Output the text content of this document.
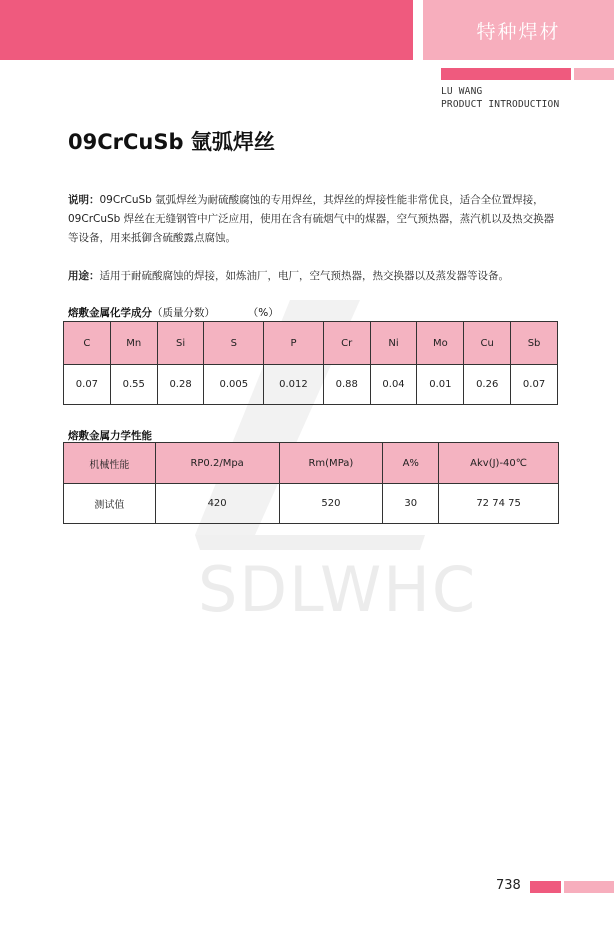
特种焊材
LU WANG
PRODUCT INTRODUCTION
09CrCuSb 氩弧焊丝
说明：09CrCuSb 氩弧焊丝为耐硫酸腐蚀的专用焊丝，其焊丝的焊接性能非常优良，适合全位置焊接，09CrCuSb 焊丝在无缝钢管中广泛应用，使用在含有硫烟气中的煤器，空气预热器，蒸汽机以及热交换器等设备，用来抵御含硫酸露点腐蚀。
用途：适用于耐硫酸腐蚀的焊接，如炼油厂，电厂，空气预热器，热交换器以及蒸发器等设备。
SDLWHC
熔敷金属化学成分（质量分数）	（%）
C	Mn	Si	S	P	Cr	Ni	Mo	Cu	Sb
0.07	0.55	0.28	0.005	0.012	0.88	0.04	0.01	0.26	0.07
熔敷金属力学性能
机械性能	RP0.2/Mpa	Rm(MPa)	A%	Akv(J)-40℃
测试值	420	520	30	72 74 75
738
